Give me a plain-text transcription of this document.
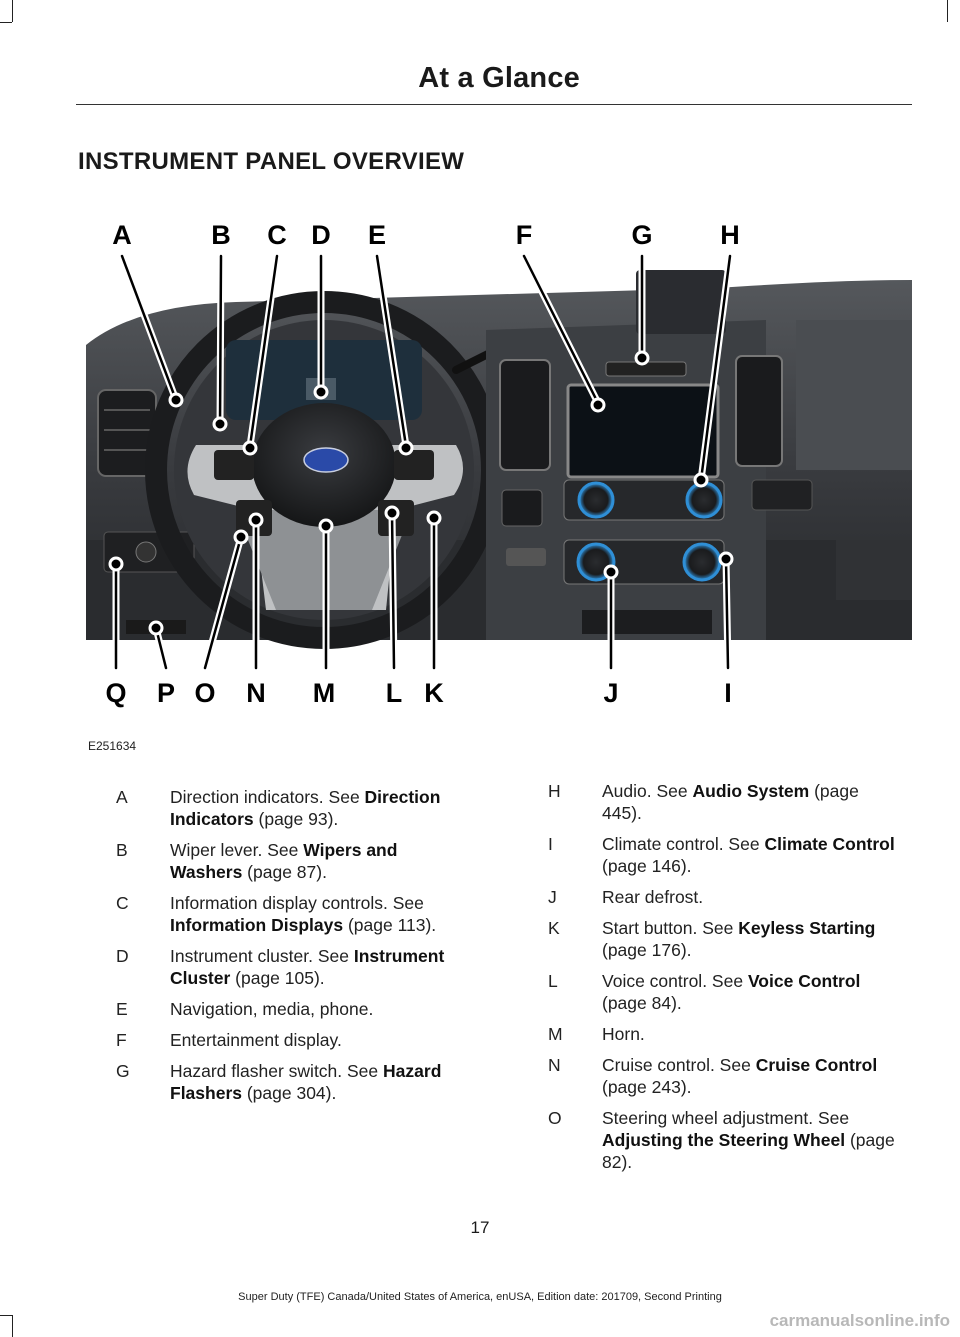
At a Glance
INSTRUMENT PANEL OVERVIEW
A	B C D E	F	G	H
Q P O N M L K	J	I
E251634
A	Direction indicators. See Direction Indicators (page 93).
B	Wiper lever. See Wipers and Washers (page 87).
C	Information display controls. See Information Displays (page 113).
D	Instrument cluster. See Instrument Cluster (page 105).
E	Navigation, media, phone.
F	Entertainment display.
G	Hazard flasher switch. See Hazard Flashers (page 304).
H	Audio. See Audio System (page 445).
I	Climate control. See Climate Control (page 146).
J	Rear defrost.
K	Start button. See Keyless Starting (page 176).
L	Voice control. See Voice Control (page 84).
M	Horn.
N	Cruise control. See Cruise Control (page 243).
O	Steering wheel adjustment. See Adjusting the Steering Wheel (page 82).
17
Super Duty (TFE) Canada/United States of America, enUSA, Edition date: 201709, Second Printing
carmanualsonline.info
